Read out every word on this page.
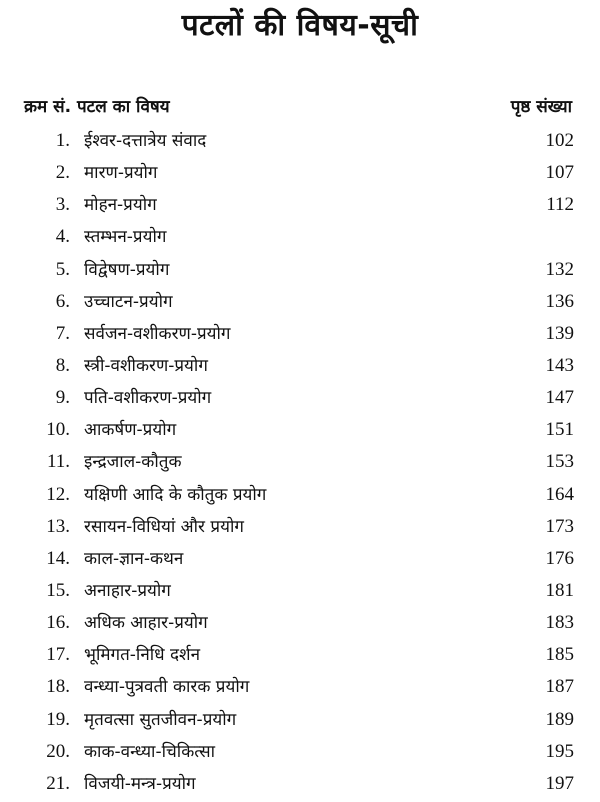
पटलों की विषय-सूची
क्रम सं. पटल का विषय	पृष्ठ संख्या
1. ईश्वर-दत्तात्रेय संवाद	102
2. मारण-प्रयोग	107
3. मोहन-प्रयोग	112
4. स्तम्भन-प्रयोग
5. विद्वेषण-प्रयोग	132
6. उच्चाटन-प्रयोग	136
7. सर्वजन-वशीकरण-प्रयोग	139
8. स्त्री-वशीकरण-प्रयोग	143
9. पति-वशीकरण-प्रयोग	147
10. आकर्षण-प्रयोग	151
11. इन्द्रजाल-कौतुक	153
12. यक्षिणी आदि के कौतुक प्रयोग	164
13. रसायन-विधियां और प्रयोग	173
14. काल-ज्ञान-कथन	176
15. अनाहार-प्रयोग	181
16. अधिक आहार-प्रयोग	183
17. भूमिगत-निधि दर्शन	185
18. वन्ध्या-पुत्रवती कारक प्रयोग	187
19. मृतवत्सा सुतजीवन-प्रयोग	189
20. काक-वन्ध्या-चिकित्सा	195
21. विजयी-मन्त्र-प्रयोग	197
